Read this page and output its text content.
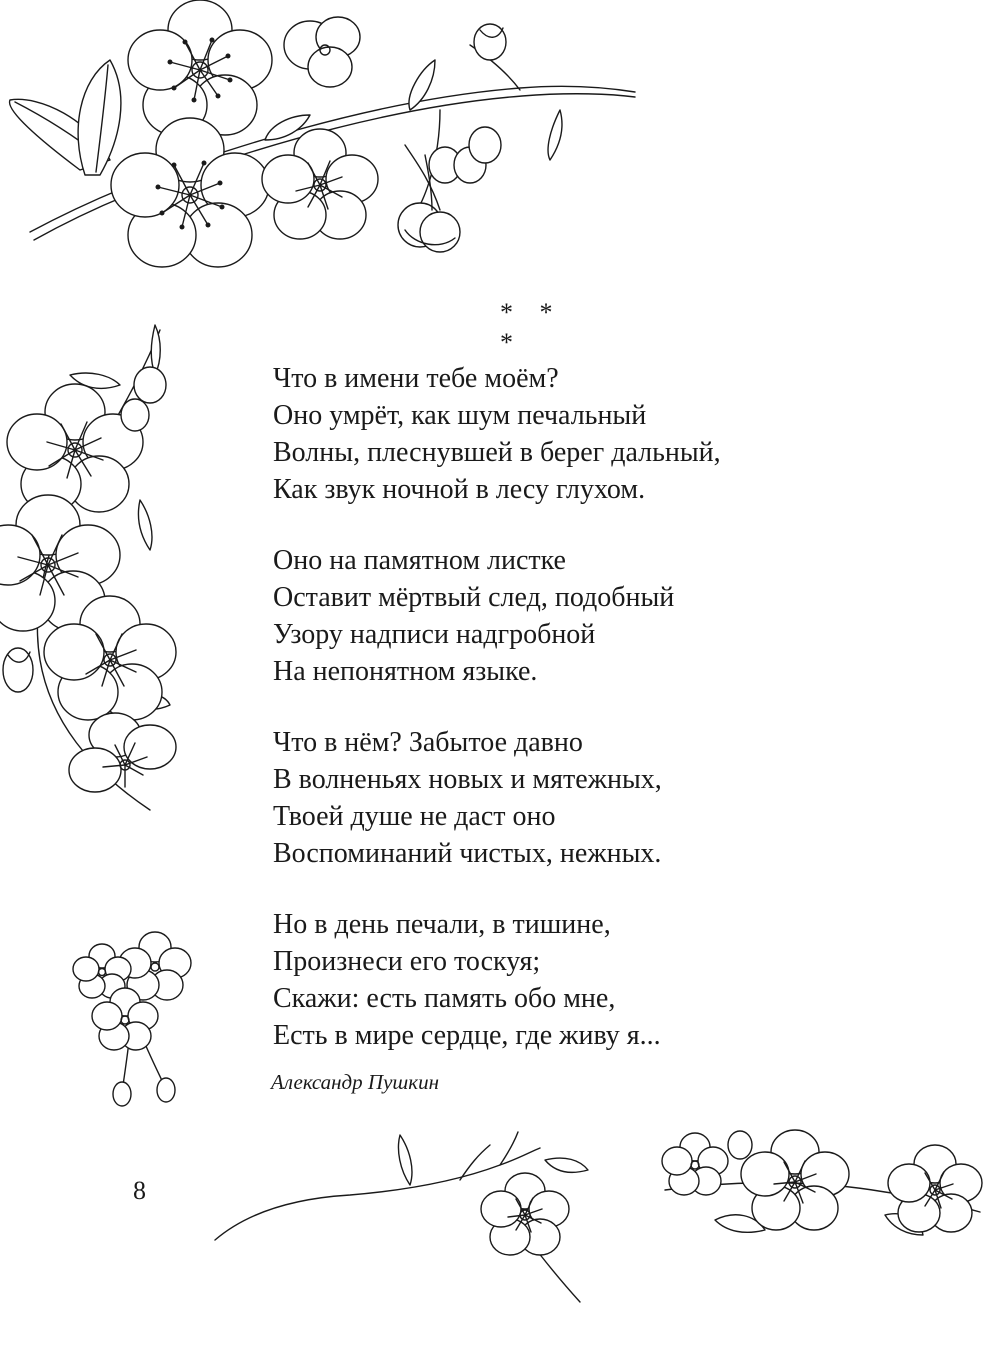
* * *
Что в имени тебе моём?
Оно умрёт, как шум печальный
Волны, плеснувшей в берег дальный,
Как звук ночной в лесу глухом.
Оно на памятном листке
Оставит мёртвый след, подобный
Узору надписи надгробной
На непонятном языке.
Что в нём? Забытое давно
В волненьях новых и мятежных,
Твоей душе не даст оно
Воспоминаний чистых, нежных.
Но в день печали, в тишине,
Произнеси его тоскуя;
Скажи: есть память обо мне,
Есть в мире сердце, где живу я...
Александр Пушкин
8
